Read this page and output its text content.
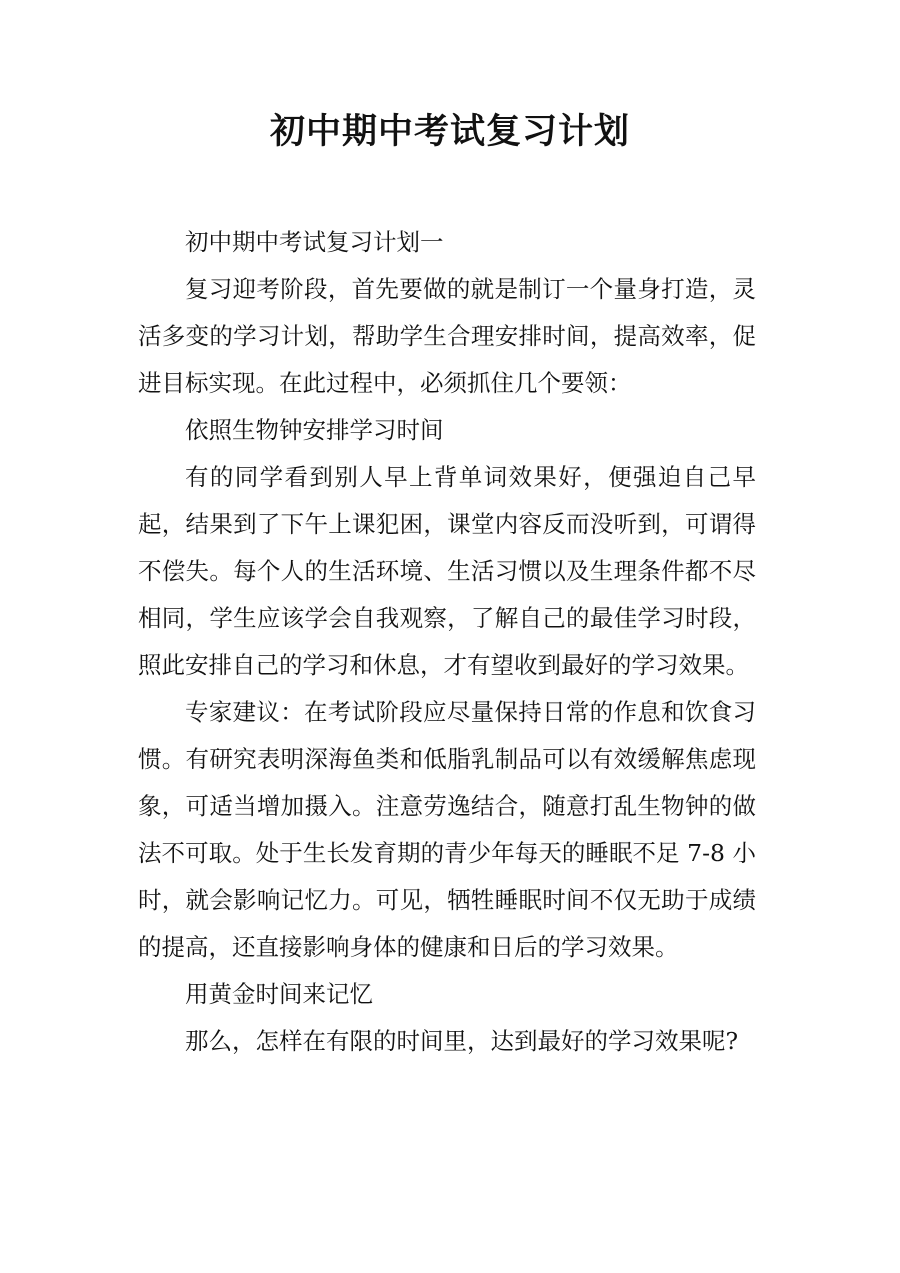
初中期中考试复习计划

初中期中考试复习计划一

复习迎考阶段，首先要做的就是制订一个量身打造，灵活多变的学习计划，帮助学生合理安排时间，提高效率，促进目标实现。在此过程中，必须抓住几个要领：

依照生物钟安排学习时间

有的同学看到别人早上背单词效果好，便强迫自己早起，结果到了下午上课犯困，课堂内容反而没听到，可谓得不偿失。每个人的生活环境、生活习惯以及生理条件都不尽相同，学生应该学会自我观察，了解自己的最佳学习时段，照此安排自己的学习和休息，才有望收到最好的学习效果。

专家建议：在考试阶段应尽量保持日常的作息和饮食习惯。有研究表明深海鱼类和低脂乳制品可以有效缓解焦虑现象，可适当增加摄入。注意劳逸结合，随意打乱生物钟的做法不可取。处于生长发育期的青少年每天的睡眠不足 7-8 小时，就会影响记忆力。可见，牺牲睡眠时间不仅无助于成绩的提高，还直接影响身体的健康和日后的学习效果。

用黄金时间来记忆

那么，怎样在有限的时间里，达到最好的学习效果呢?
